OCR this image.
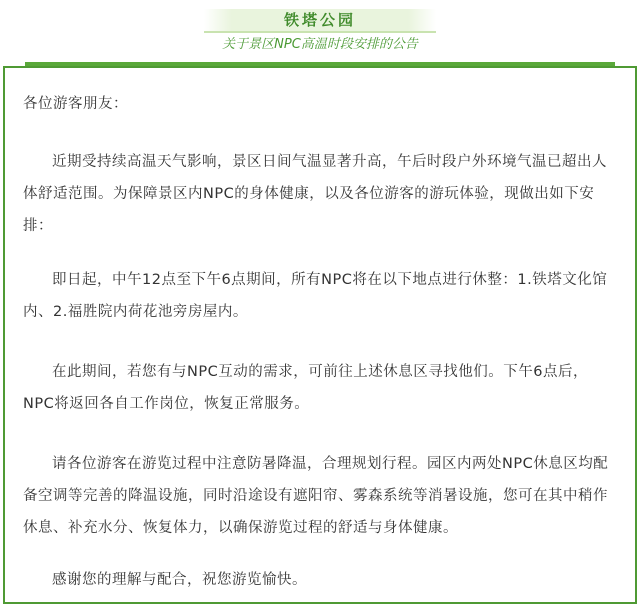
铁塔公园
关于景区NPC高温时段安排的公告

各位游客朋友：

近期受持续高温天气影响，景区日间气温显著升高，午后时段户外环境气温已超出人体舒适范围。为保障景区内NPC的身体健康，以及各位游客的游玩体验，现做出如下安排：

即日起，中午12点至下午6点期间，所有NPC将在以下地点进行休整：1.铁塔文化馆内、2.福胜院内荷花池旁房屋内。

在此期间，若您有与NPC互动的需求，可前往上述休息区寻找他们。下午6点后，NPC将返回各自工作岗位，恢复正常服务。

请各位游客在游览过程中注意防暑降温，合理规划行程。园区内两处NPC休息区均配备空调等完善的降温设施，同时沿途设有遮阳帘、雾森系统等消暑设施，您可在其中稍作休息、补充水分、恢复体力，以确保游览过程的舒适与身体健康。

感谢您的理解与配合，祝您游览愉快。
